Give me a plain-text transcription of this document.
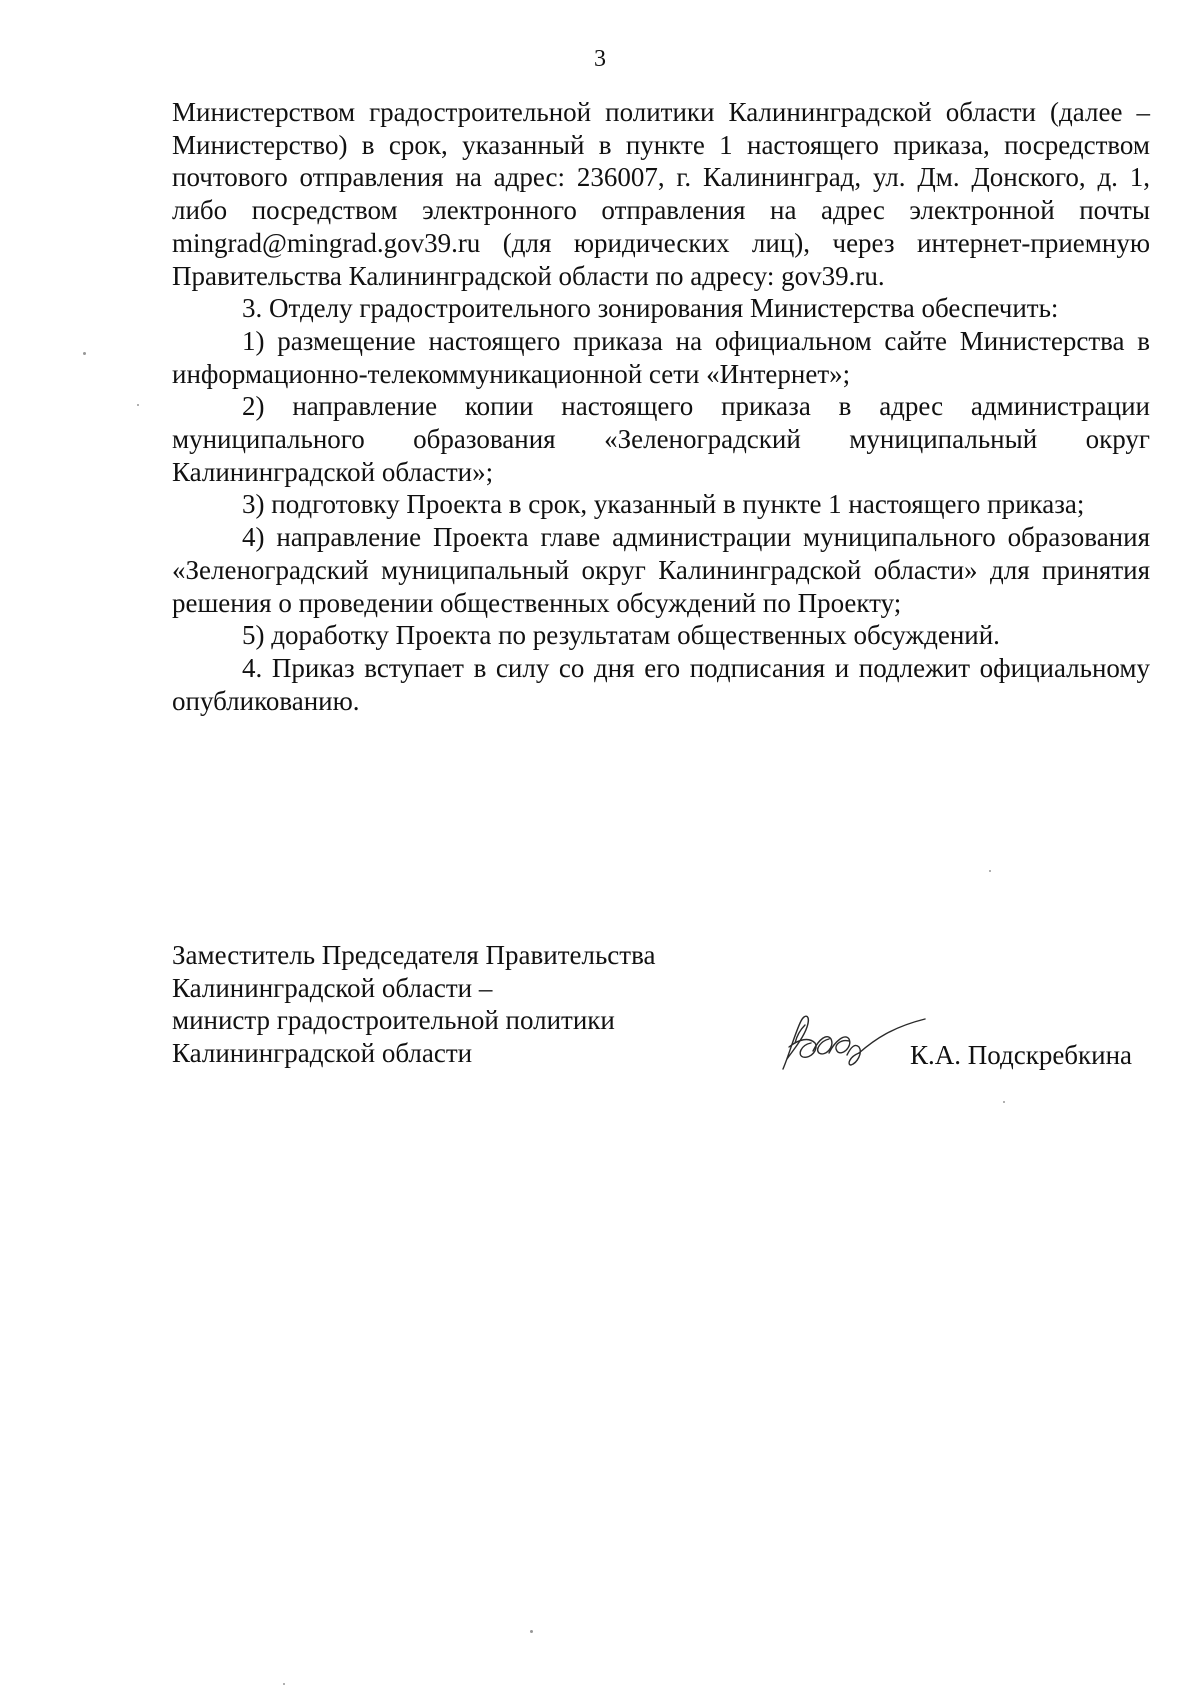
3

Министерством градостроительной политики Калининградской области (далее – Министерство) в срок, указанный в пункте 1 настоящего приказа, посредством почтового отправления на адрес: 236007, г. Калининград, ул. Дм. Донского, д. 1, либо посредством электронного отправления на адрес электронной почты mingrad@mingrad.gov39.ru (для юридических лиц), через интернет-приемную Правительства Калининградской области по адресу: gov39.ru.

3. Отделу градостроительного зонирования Министерства обеспечить:

1) размещение настоящего приказа на официальном сайте Министерства в информационно-телекоммуникационной сети «Интернет»;

2) направление копии настоящего приказа в адрес администрации муниципального образования «Зеленоградский муниципальный округ Калининградской области»;

3) подготовку Проекта в срок, указанный в пункте 1 настоящего приказа;

4) направление Проекта главе администрации муниципального образования «Зеленоградский муниципальный округ Калининградской области» для принятия решения о проведении общественных обсуждений по Проекту;

5) доработку Проекта по результатам общественных обсуждений.

4. Приказ вступает в силу со дня его подписания и подлежит официальному опубликованию.

Заместитель Председателя Правительства
Калининградской области –
министр градостроительной политики
Калининградской области	К.А. Подскребкина
